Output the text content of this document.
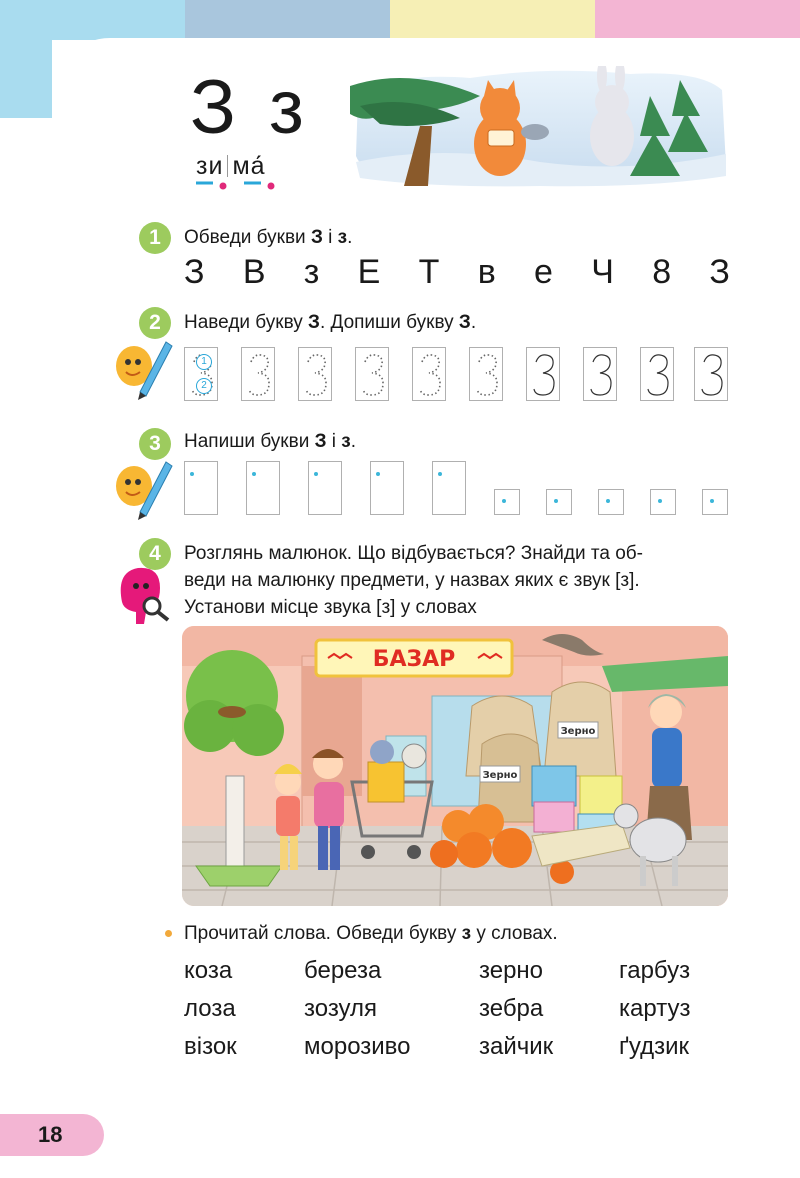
З з
зи ма́
1	Обведи букви З і з.
З В з Е Т в е Ч 8 З
2	Наведи букву З. Допиши букву З.
1
2
3	Напиши букви З і з.
4	Розглянь малюнок. Що відбувається? Знайди та об-
веди на малюнку предмети, у назвах яких є звук [з].
Установи місце звука [з] у словах
БАЗАР
Зерно
Зерно
Прочитай слова. Обведи букву з у словах.
коза	береза	зерно	гарбуз
лоза	зозуля	зебра	картуз
візок	морозиво	зайчик	ґудзик
18
